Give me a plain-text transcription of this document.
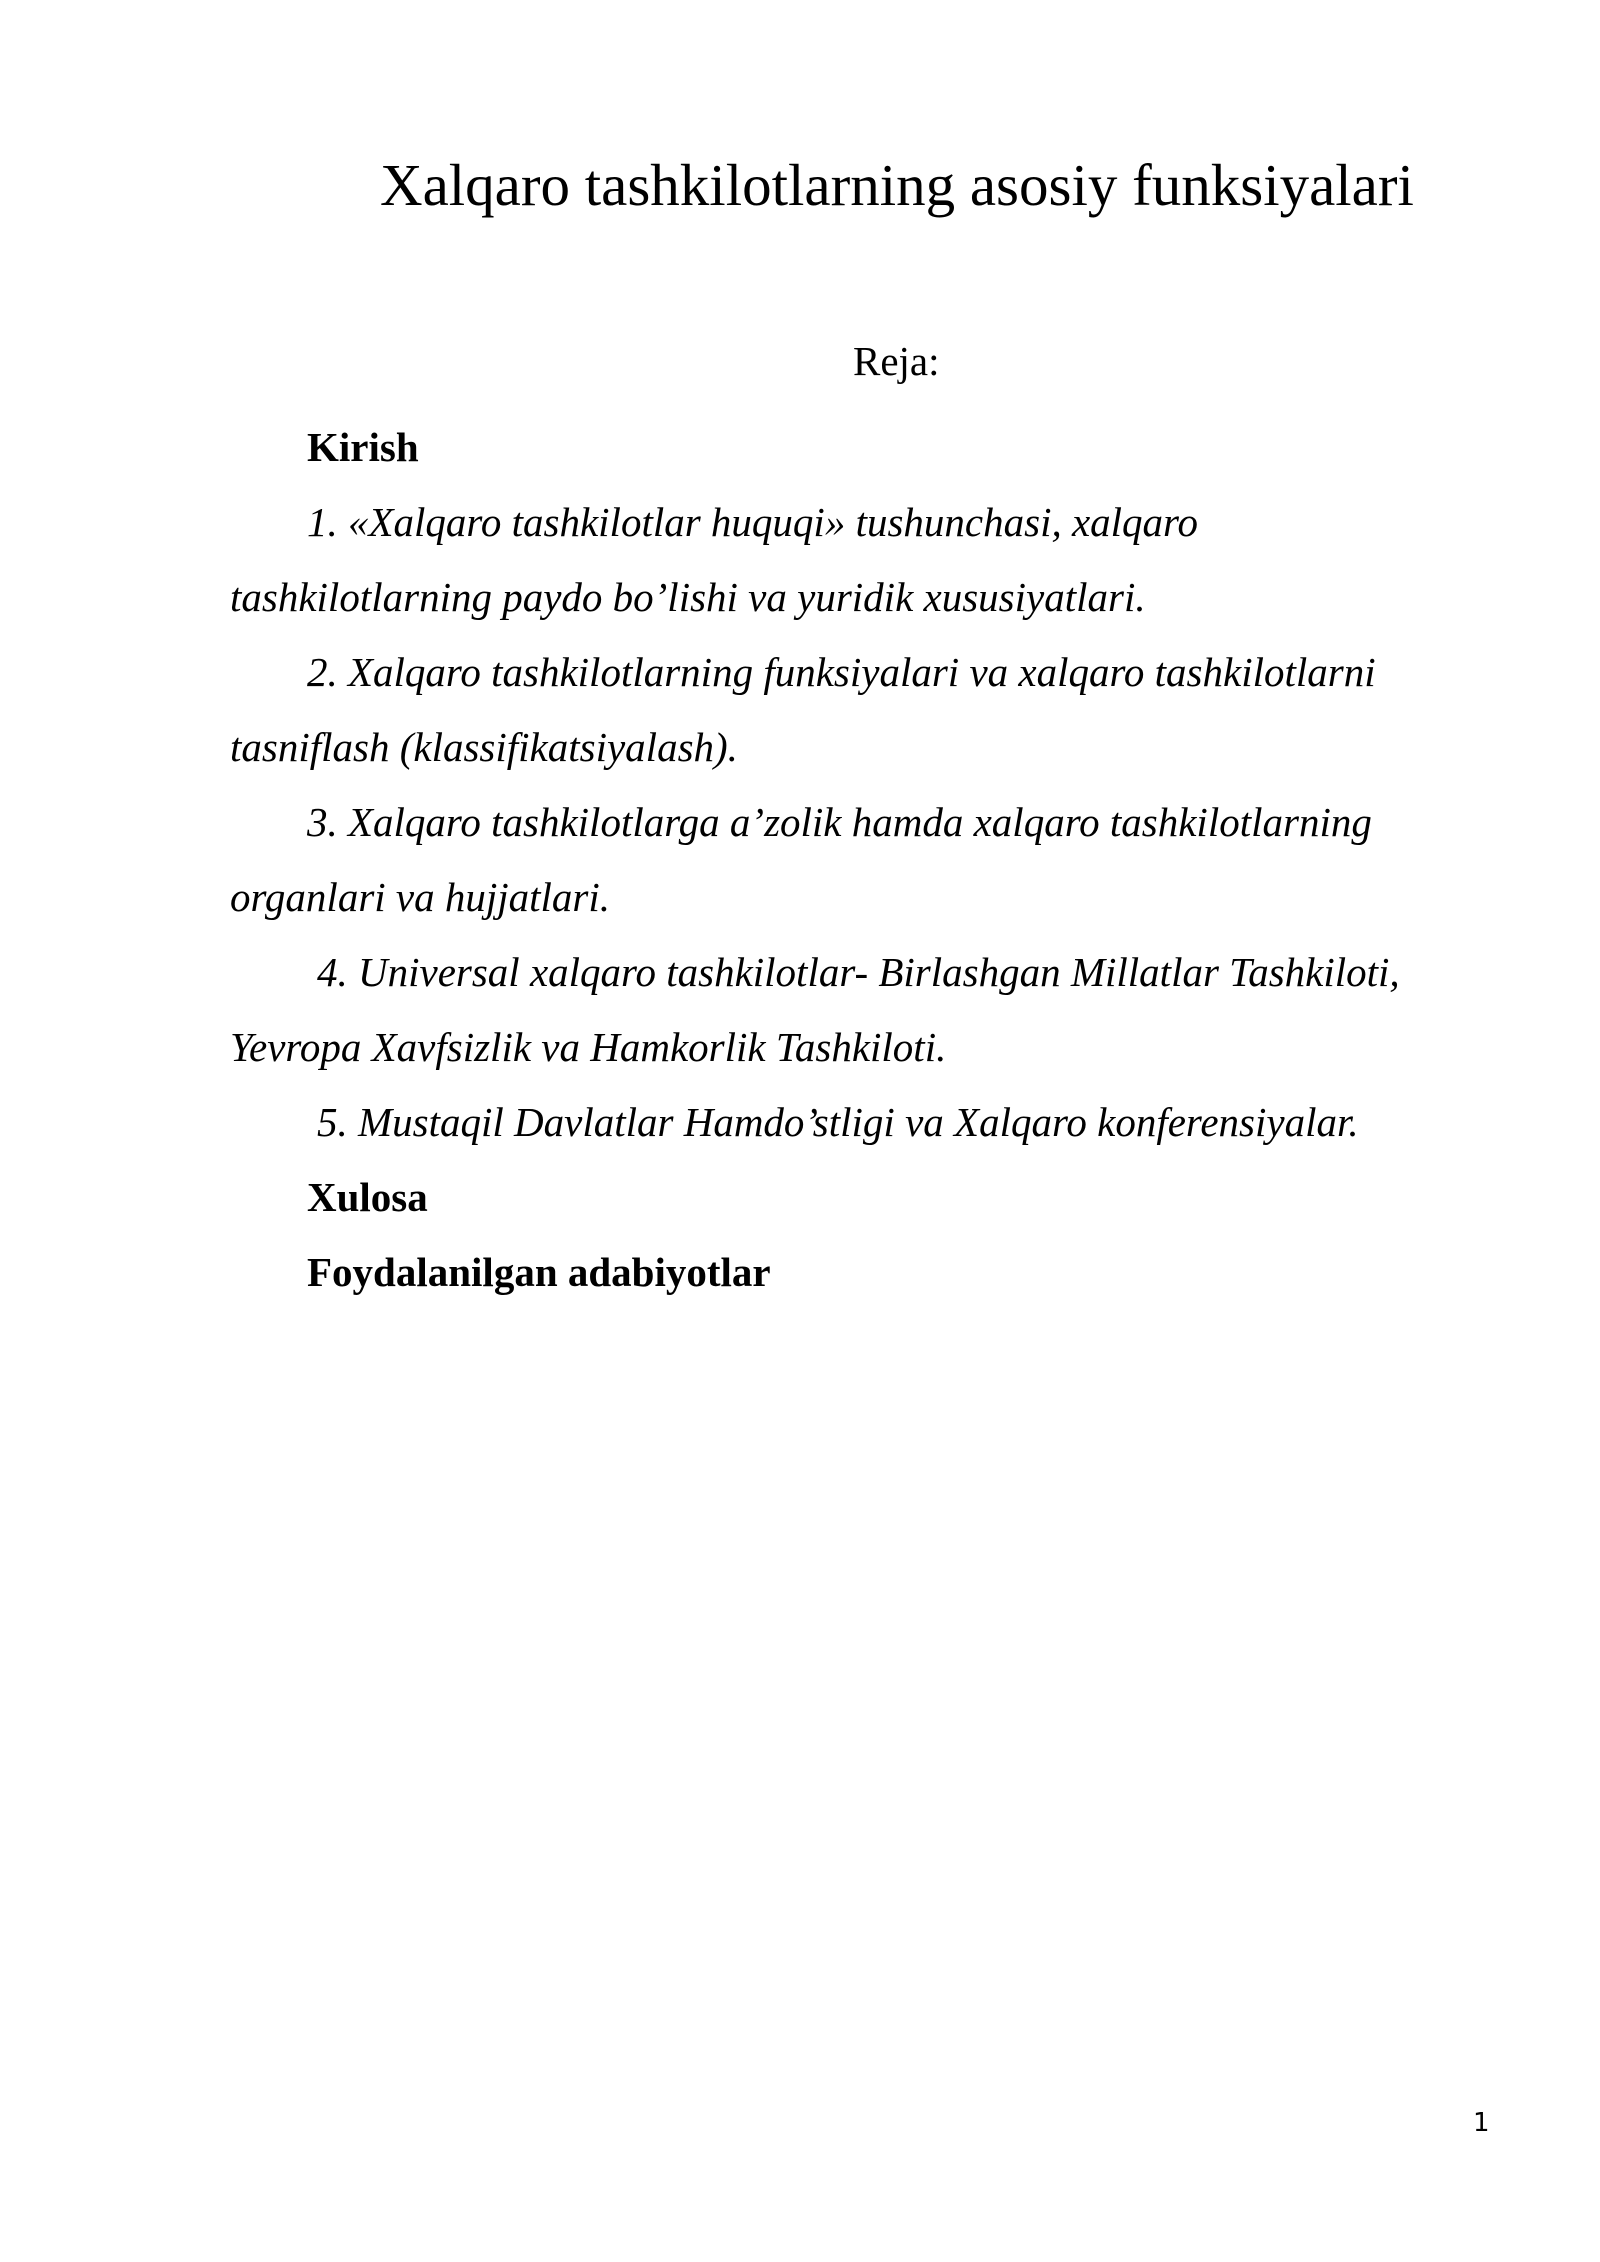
Xalqaro tashkilotlarning asosiy funksiyalari

Reja:

Kirish

1. «Xalqaro tashkilotlar huquqi» tushunchasi, xalqaro tashkilotlarning paydo bo’lishi va yuridik xususiyatlari.

2. Xalqaro tashkilotlarning funksiyalari va xalqaro tashkilotlarni tasniflash (klassifikatsiyalash).

3. Xalqaro tashkilotlarga a’zolik hamda xalqaro tashkilotlarning organlari va hujjatlari.

4. Universal xalqaro tashkilotlar- Birlashgan Millatlar Tashkiloti, Yevropa Xavfsizlik va Hamkorlik Tashkiloti.

5. Mustaqil Davlatlar Hamdo’stligi va Xalqaro konferensiyalar.

Xulosa

Foydalanilgan adabiyotlar

1
